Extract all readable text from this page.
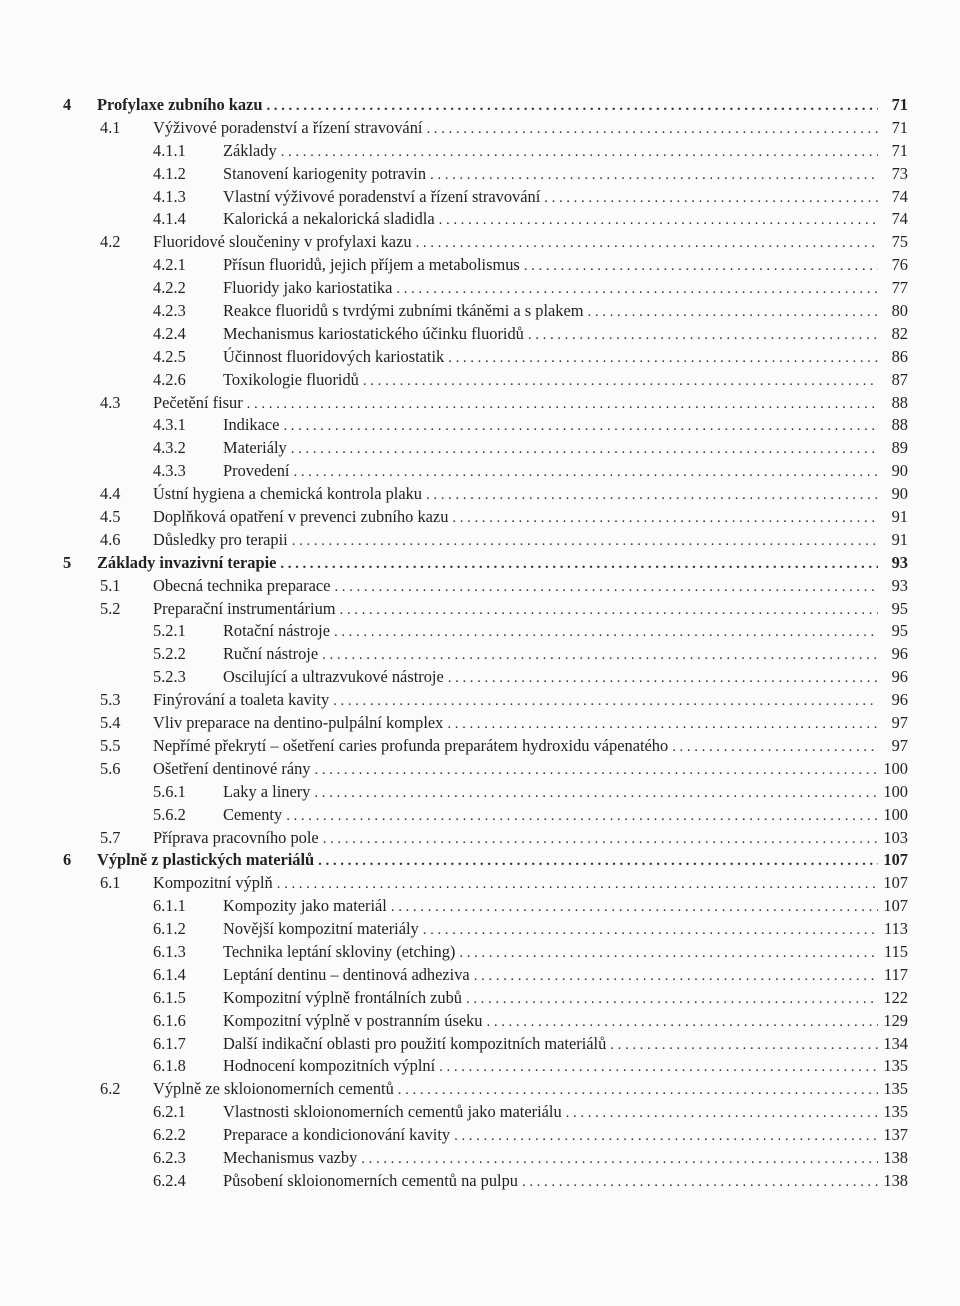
4 Profylaxe zubního kazu .....	71
4.1 Výživové poradenství a řízení stravování .....	71
4.1.1 Základy .....	71
4.1.2 Stanovení kariogenity potravin .....	73
4.1.3 Vlastní výživové poradenství a řízení stravování .....	74
4.1.4 Kalorická a nekalorická sladidla .....	74
4.2 Fluoridové sloučeniny v profylaxi kazu .....	75
4.2.1 Přísun fluoridů, jejich příjem a metabolismus .....	76
4.2.2 Fluoridy jako kariostatika .....	77
4.2.3 Reakce fluoridů s tvrdými zubními tkáněmi a s plakem .....	80
4.2.4 Mechanismus kariostatického účinku fluoridů .....	82
4.2.5 Účinnost fluoridových kariostatik .....	86
4.2.6 Toxikologie fluoridů .....	87
4.3 Pečetění fisur .....	88
4.3.1 Indikace .....	88
4.3.2 Materiály .....	89
4.3.3 Provedení .....	90
4.4 Ústní hygiena a chemická kontrola plaku .....	90
4.5 Doplňková opatření v prevenci zubního kazu .....	91
4.6 Důsledky pro terapii .....	91
5 Základy invazivní terapie .....	93
5.1 Obecná technika preparace .....	93
5.2 Preparační instrumentárium .....	95
5.2.1 Rotační nástroje .....	95
5.2.2 Ruční nástroje .....	96
5.2.3 Oscilující a ultrazvukové nástroje .....	96
5.3 Finýrování a toaleta kavity .....	96
5.4 Vliv preparace na dentino-pulpální komplex .....	97
5.5 Nepřímé překrytí – ošetření caries profunda preparátem hydroxidu vápenatého .....	97
5.6 Ošetření dentinové rány .....	100
5.6.1 Laky a linery .....	100
5.6.2 Cementy .....	100
5.7 Příprava pracovního pole .....	103
6 Výplně z plastických materiálů .....	107
6.1 Kompozitní výplň .....	107
6.1.1 Kompozity jako materiál .....	107
6.1.2 Novější kompozitní materiály .....	113
6.1.3 Technika leptání skloviny (etching) .....	115
6.1.4 Leptání dentinu – dentinová adheziva .....	117
6.1.5 Kompozitní výplně frontálních zubů .....	122
6.1.6 Kompozitní výplně v postranním úseku .....	129
6.1.7 Další indikační oblasti pro použití kompozitních materiálů .....	134
6.1.8 Hodnocení kompozitních výplní .....	135
6.2 Výplně ze skloionomerních cementů .....	135
6.2.1 Vlastnosti skloionomerních cementů jako materiálu .....	135
6.2.2 Preparace a kondicionování kavity .....	137
6.2.3 Mechanismus vazby .....	138
6.2.4 Působení skloionomerních cementů na pulpu .....	138
